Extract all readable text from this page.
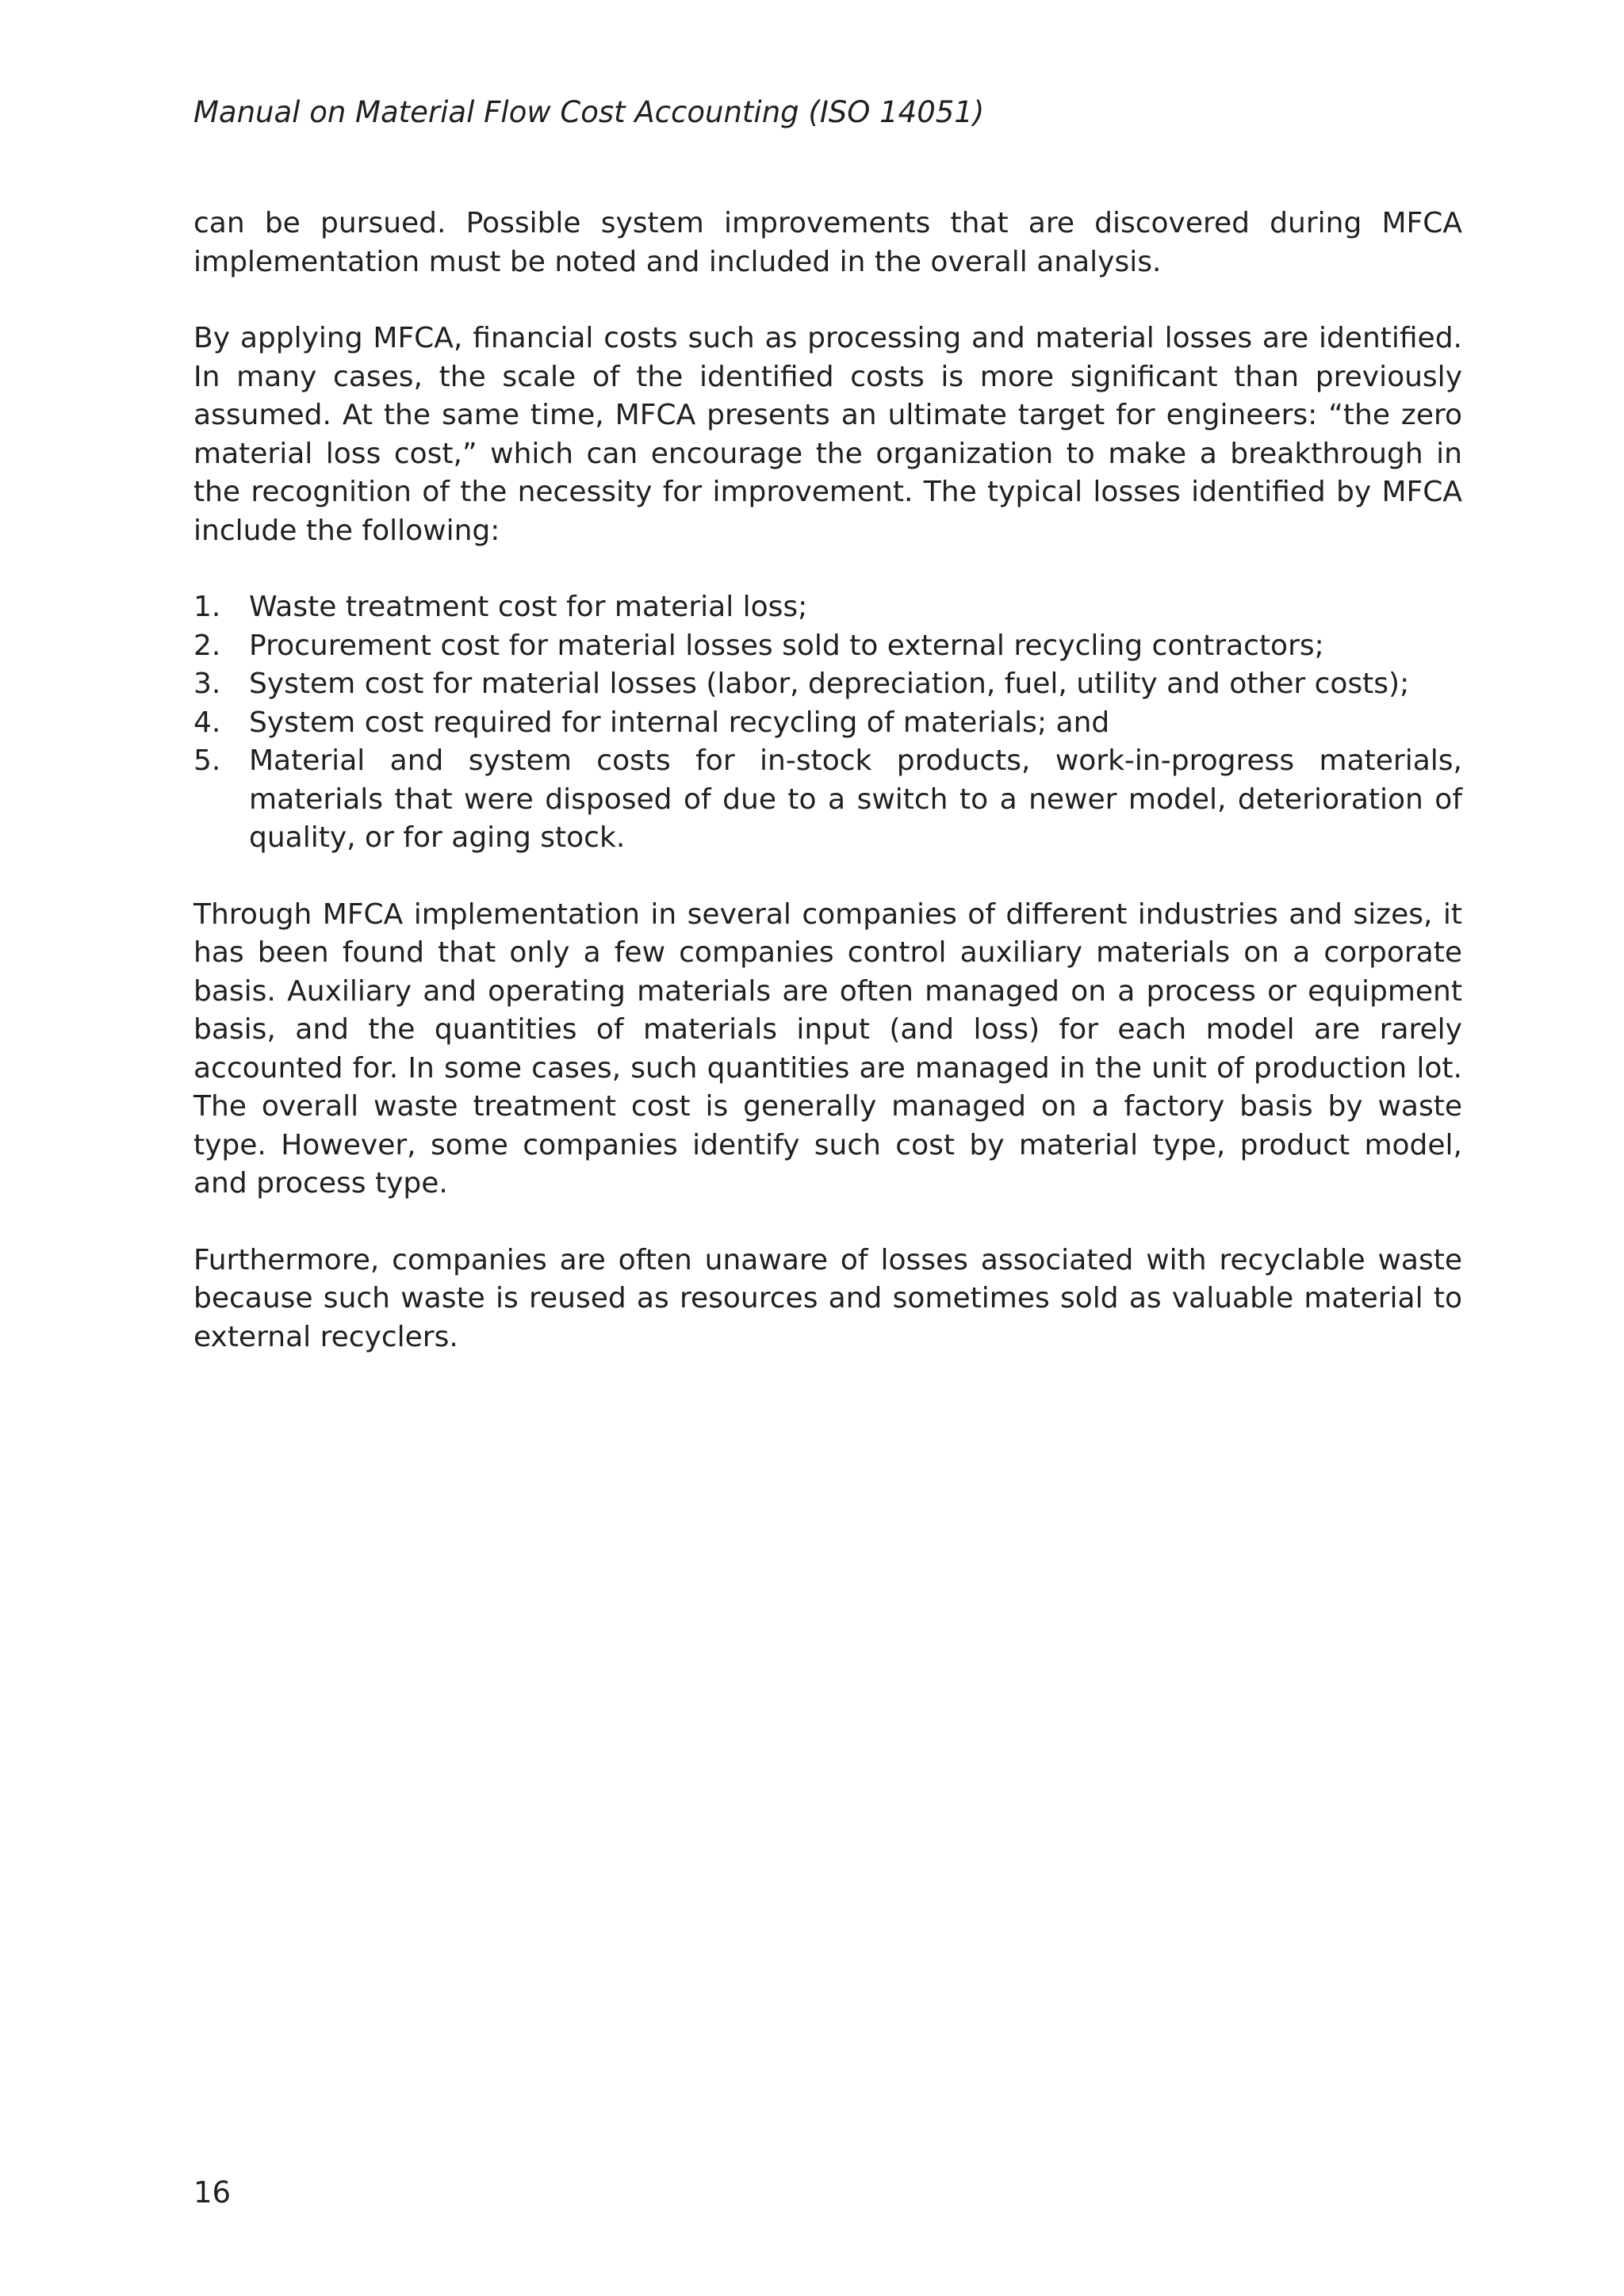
Manual on Material Flow Cost Accounting (ISO 14051)

can be pursued. Possible system improvements that are discovered during MFCA implementation must be noted and included in the overall analysis.

By applying MFCA, financial costs such as processing and material losses are identified. In many cases, the scale of the identified costs is more significant than previously assumed. At the same time, MFCA presents an ultimate target for engineers: “the zero material loss cost,” which can encourage the organization to make a breakthrough in the recognition of the necessity for improvement. The typical losses identified by MFCA include the following:

1. Waste treatment cost for material loss;
2. Procurement cost for material losses sold to external recycling contractors;
3. System cost for material losses (labor, depreciation, fuel, utility and other costs);
4. System cost required for internal recycling of materials; and
5. Material and system costs for in-stock products, work-in-progress materials, materials that were disposed of due to a switch to a newer model, deterioration of quality, or for aging stock.

Through MFCA implementation in several companies of different industries and sizes, it has been found that only a few companies control auxiliary materials on a corporate basis. Auxiliary and operating materials are often managed on a process or equipment basis, and the quantities of materials input (and loss) for each model are rarely accounted for. In some cases, such quantities are managed in the unit of production lot. The overall waste treatment cost is generally managed on a factory basis by waste type. However, some companies identify such cost by material type, product model, and process type.

Furthermore, companies are often unaware of losses associated with recyclable waste because such waste is reused as resources and sometimes sold as valuable material to external recyclers.

16
